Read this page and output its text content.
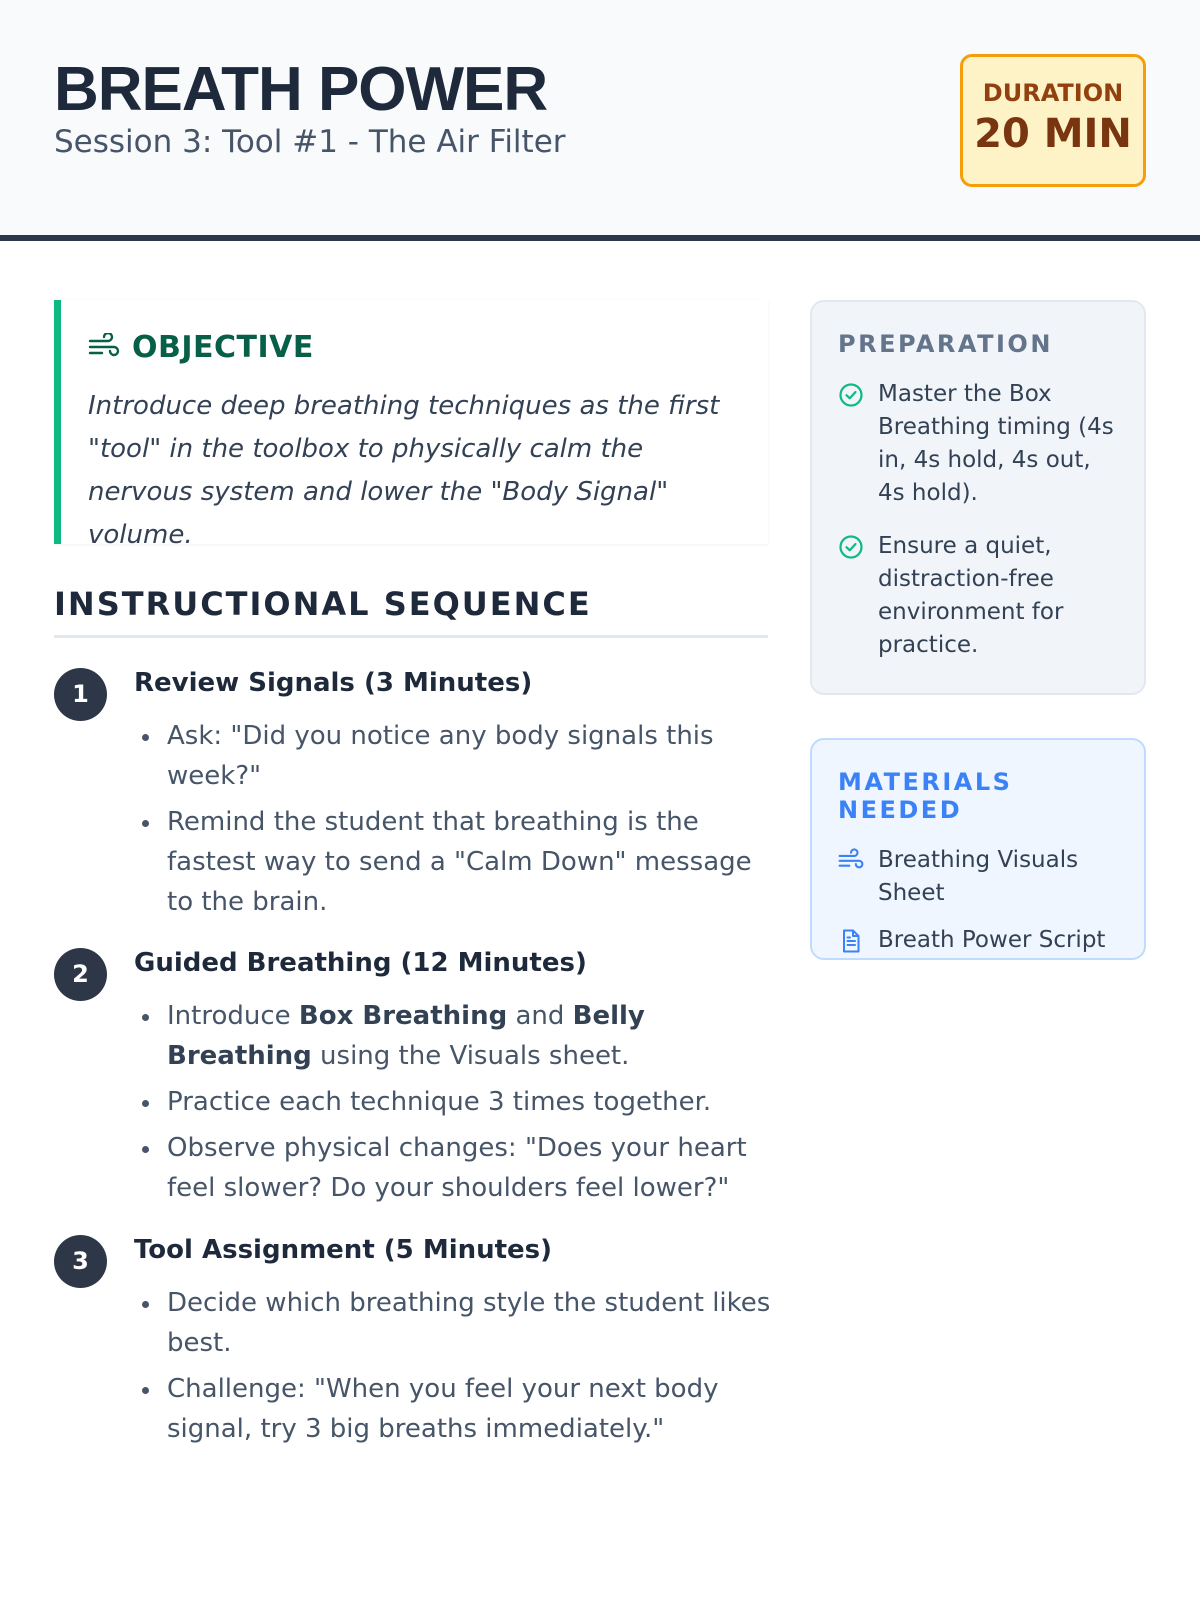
BREATH POWER
Session 3: Tool #1 - The Air Filter
DURATION
20 MIN
OBJECTIVE

Introduce deep breathing techniques as the first "tool" in the toolbox to physically calm the nervous system and lower the "Body Signal" volume.

INSTRUCTIONAL SEQUENCE
1	Review Signals (3 Minutes)
Ask: "Did you notice any body signals this week?"
Remind the student that breathing is the fastest way to send a "Calm Down" message to the brain.
2	Guided Breathing (12 Minutes)
Introduce Box Breathing and Belly Breathing using the Visuals sheet.
Practice each technique 3 times together.
Observe physical changes: "Does your heart feel slower? Do your shoulders feel lower?"
3	Tool Assignment (5 Minutes)
Decide which breathing style the student likes best.
Challenge: "When you feel your next body signal, try 3 big breaths immediately."
PREPARATION
Master the Box Breathing timing (4s in, 4s hold, 4s out, 4s hold).
Ensure a quiet, distraction-free environment for practice.
MATERIALS NEEDED
Breathing Visuals Sheet
Breath Power Script
